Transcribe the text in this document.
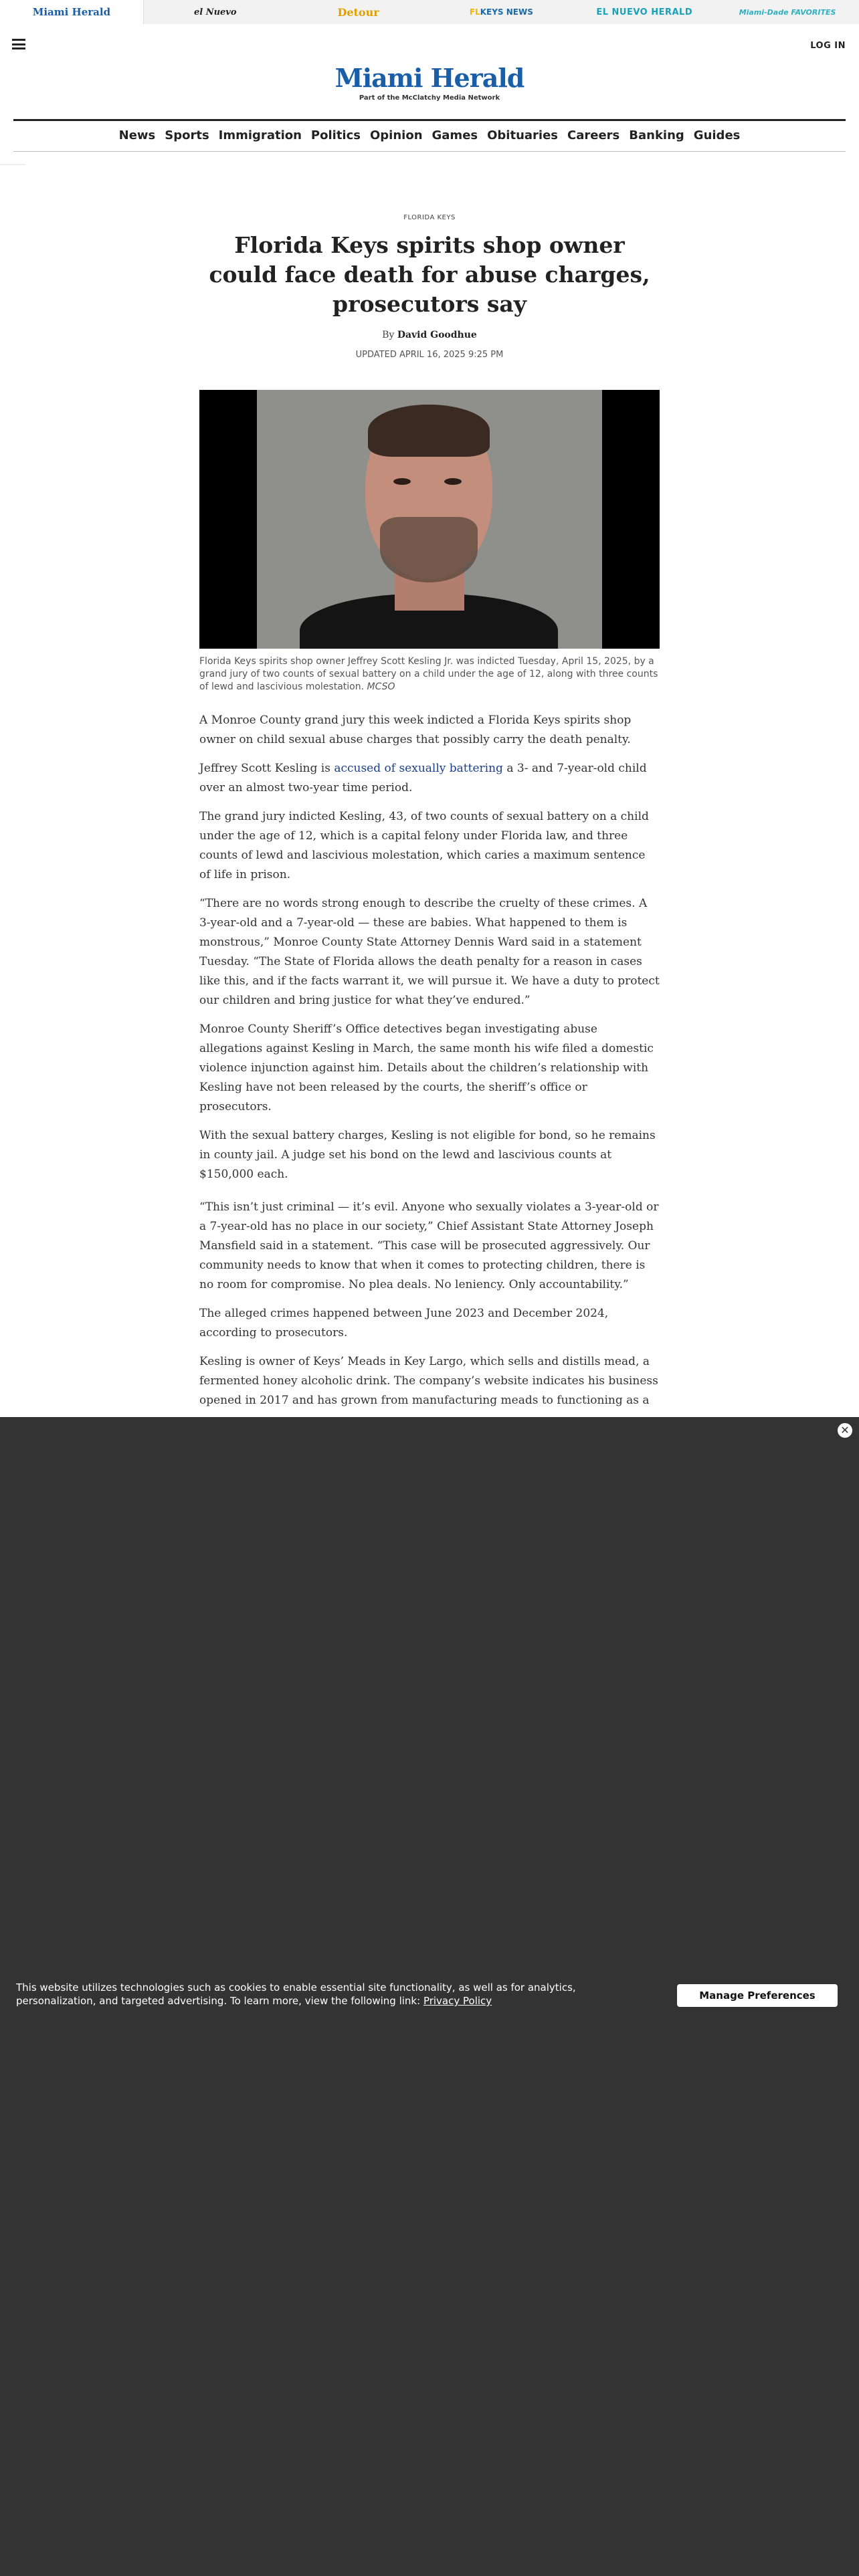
Miami Herald	el Nuevo	Detour	FL KEYS NEWS	EL NUEVO HERALD	Miami-Dade FAVORITES
LOG IN
Miami Herald
Part of the McClatchy Media Network
News Sports Immigration Politics Opinion Games Obituaries Careers Banking Guides
FLORIDA KEYS
Florida Keys spirits shop owner could face death for abuse charges, prosecutors say
By David Goodhue
UPDATED APRIL 16, 2025 9:25 PM
Florida Keys spirits shop owner Jeffrey Scott Kesling Jr. was indicted Tuesday, April 15, 2025, by a grand jury of two counts of sexual battery on a child under the age of 12, along with three counts of lewd and lascivious molestation. MCSO

A Monroe County grand jury this week indicted a Florida Keys spirits shop owner on child sexual abuse charges that possibly carry the death penalty.

Jeffrey Scott Kesling is accused of sexually battering a 3- and 7-year-old child over an almost two-year time period.

The grand jury indicted Kesling, 43, of two counts of sexual battery on a child under the age of 12, which is a capital felony under Florida law, and three counts of lewd and lascivious molestation, which caries a maximum sentence of life in prison.

“There are no words strong enough to describe the cruelty of these crimes. A 3-year-old and a 7-year-old — these are babies. What happened to them is monstrous,” Monroe County State Attorney Dennis Ward said in a statement Tuesday. “The State of Florida allows the death penalty for a reason in cases like this, and if the facts warrant it, we will pursue it. We have a duty to protect our children and bring justice for what they’ve endured.”

Monroe County Sheriff’s Office detectives began investigating abuse allegations against Kesling in March, the same month his wife filed a domestic violence injunction against him. Details about the children’s relationship with Kesling have not been released by the courts, the sheriff’s office or prosecutors.

With the sexual battery charges, Kesling is not eligible for bond, so he remains in county jail. A judge set his bond on the lewd and lascivious counts at $150,000 each.

“This isn’t just criminal — it’s evil. Anyone who sexually violates a 3-year-old or a 7-year-old has no place in our society,” Chief Assistant State Attorney Joseph Mansfield said in a statement. “This case will be prosecuted aggressively. Our community needs to know that when it comes to protecting children, there is no room for compromise. No plea deals. No leniency. Only accountability.”

The alleged crimes happened between June 2023 and December 2024, according to prosecutors.

Kesling is owner of Keys’ Meads in Key Largo, which sells and distills mead, a fermented honey alcoholic drink. The company’s website indicates his business opened in 2017 and has grown from manufacturing meads to functioning as a

✕
This website utilizes technologies such as cookies to enable essential site functionality, as well as for analytics, personalization, and targeted advertising. To learn more, view the following link: Privacy Policy	Manage Preferences
